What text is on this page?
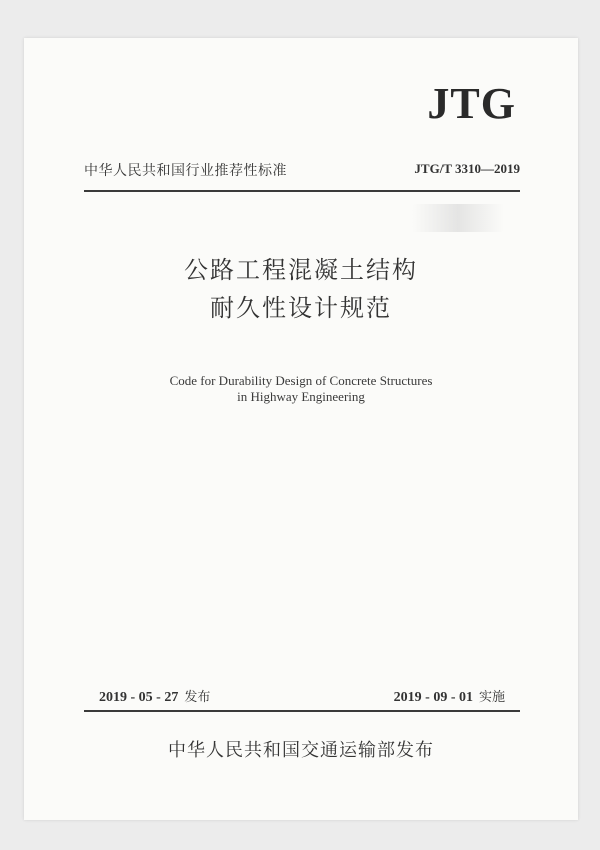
JTG
中华人民共和国行业推荐性标准	JTG/T 3310—2019
公路工程混凝土结构
耐久性设计规范
Code for Durability Design of Concrete Structures
in Highway Engineering
2019 - 05 - 27 发布	2019 - 09 - 01 实施
中华人民共和国交通运输部发布
